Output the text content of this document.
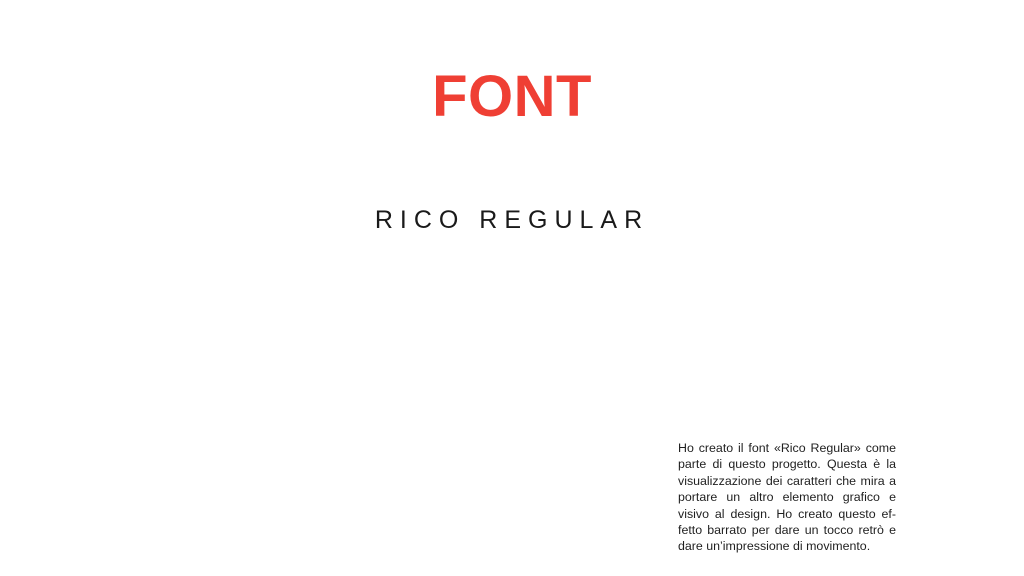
FONT
RICO REGULAR
Ho creato il font «Rico Regular» come parte di questo progetto. Questa è la visualizzazione dei caratteri che mira a portare un altro elemento grafico e visivo al design. Ho creato questo ef-fetto barrato per dare un tocco retrò e dare un’impressione di movimento.
